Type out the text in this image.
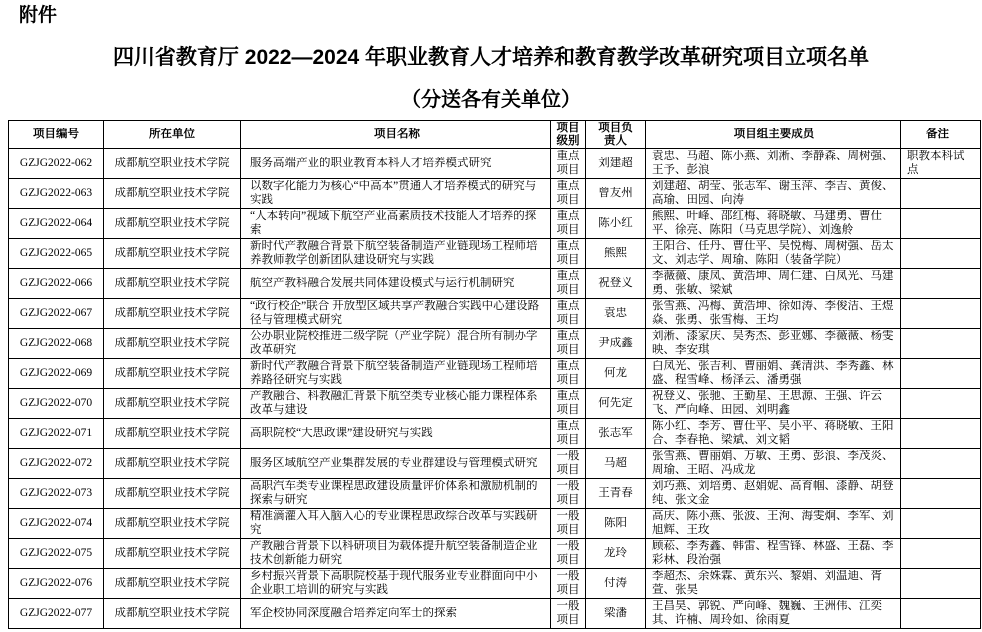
附件
四川省教育厅 2022—2024 年职业教育人才培养和教育教学改革研究项目立项名单
（分送各有关单位）
项目编号	所在单位	项目名称	项目级别	项目负责人	项目组主要成员	备注

GZJG2022-062	成都航空职业技术学院	服务高端产业的职业教育本科人才培养模式研究	重点项目	刘建超	袁忠、马超、陈小燕、刘淅、李静森、周树强、王予、彭浪	职教本科试点

GZJG2022-063	成都航空职业技术学院	以数字化能力为核心“中高本”贯通人才培养模式的研究与实践	重点项目	曾友州	刘建超、胡莹、张志军、谢玉萍、李吉、黄俊、高瑜、田园、向涛	

GZJG2022-064	成都航空职业技术学院	“人本转向”视域下航空产业高素质技术技能人才培养的探索	重点项目	陈小红	熊熙、叶峰、邵红梅、蒋晓敏、马建勇、曹仕平、徐亮、陈阳（马克思学院）、刘逸舲	

GZJG2022-065	成都航空职业技术学院	新时代产教融合背景下航空装备制造产业链现场工程师培养教师教学创新团队建设研究与实践	重点项目	熊熙	王阳合、任丹、曹仕平、吴悦梅、周树强、岳太文、刘志学、周瑜、陈阳（装备学院）	

GZJG2022-066	成都航空职业技术学院	航空产教科融合发展共同体建设模式与运行机制研究	重点项目	祝登义	李薇薇、康凤、黄浩坤、周仁建、白凤光、马建勇、张敏、梁斌	

GZJG2022-067	成都航空职业技术学院	“政行校企”联合 开放型区域共享产教融合实践中心建设路径与管理模式研究	重点项目	袁忠	张雪燕、冯梅、黄浩坤、徐如涛、李俊洁、王煜焱、张勇、张雪梅、王均	

GZJG2022-068	成都航空职业技术学院	公办职业院校推进二级学院（产业学院）混合所有制办学改革研究	重点项目	尹成鑫	刘淅、漆家庆、吴秀杰、彭亚娜、李薇薇、杨雯映、李安琪	

GZJG2022-069	成都航空职业技术学院	新时代产教融合背景下航空装备制造产业链现场工程师培养路径研究与实践	重点项目	何龙	白凤光、张吉利、曹丽娟、龚清洪、李秀鑫、林盛、程雪峰、杨泽云、潘勇强	

GZJG2022-070	成都航空职业技术学院	产教融合、科教融汇背景下航空类专业核心能力课程体系改革与建设	重点项目	何先定	祝登义、张驰、王勤星、王思源、王强、许云飞、严向峰、田园、刘明鑫	

GZJG2022-071	成都航空职业技术学院	高职院校“大思政课”建设研究与实践	重点项目	张志军	陈小红、李芳、曹仕平、吴小平、蒋晓敏、王阳合、李春艳、梁斌、刘文韬	

GZJG2022-072	成都航空职业技术学院	服务区域航空产业集群发展的专业群建设与管理模式研究	一般项目	马超	张雪燕、曹丽娟、万敏、王勇、彭浪、李茂炎、周瑜、王昭、冯成龙	

GZJG2022-073	成都航空职业技术学院	高职汽车类专业课程思政建设质量评价体系和激励机制的探索与研究	一般项目	王青春	刘巧燕、刘培勇、赵娟妮、高育帼、漆静、胡登纯、张文金	

GZJG2022-074	成都航空职业技术学院	精准滴灌入耳入脑入心的专业课程思政综合改革与实践研究	一般项目	陈阳	高庆、陈小燕、张波、王洵、海雯炯、李军、刘旭辉、王玫	

GZJG2022-075	成都航空职业技术学院	产教融合背景下以科研项目为载体提升航空装备制造企业技术创新能力研究	一般项目	龙玲	顾菘、李秀鑫、韩雷、程雪锋、林盛、王磊、李彩林、段治强	

GZJG2022-076	成都航空职业技术学院	乡村振兴背景下高职院校基于现代服务业专业群面向中小企业职工培训的研究与实践	一般项目	付涛	李超杰、余姝霖、黄东兴、黎娟、刘温迪、胥萱、张昊	

GZJG2022-077	成都航空职业技术学院	军企校协同深度融合培养定向军士的探索	一般项目	梁潘	王昌昊、郭锐、严向峰、魏巍、王洲伟、江奕其、许楠、周玲如、徐雨夏	
